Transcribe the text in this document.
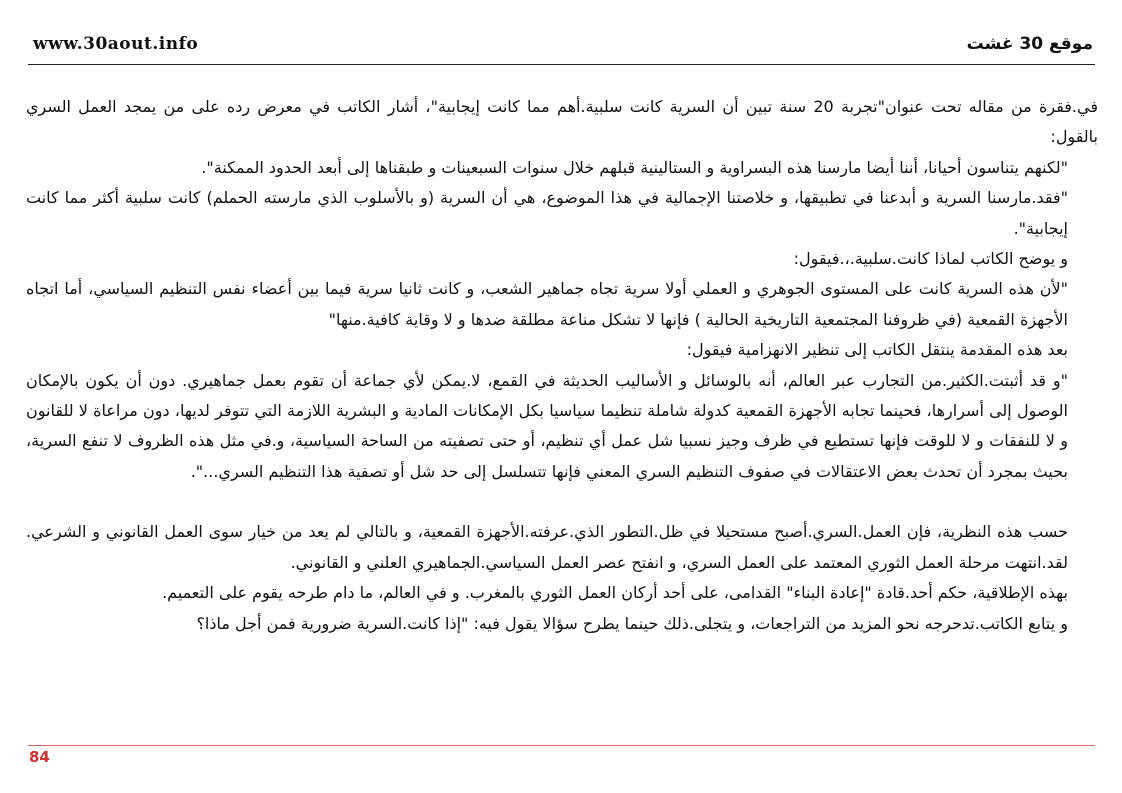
www.30aout.info	موقع 30 غشت

في.فقرة من مقاله تحت عنوان"تجربة 20 سنة تبين أن السرية كانت سلبية.أهم مما كانت إيجابية"، أشار الكاتب في معرض رده على من يمجد العمل السري بالقول:

"لكنهم يتناسون أحيانا، أننا أيضا مارسنا هذه البسراوية و الستالينية قبلهم خلال سنوات السبعينات و طبقناها إلى أبعد الحدود الممكنة".

"فقد.مارسنا السرية و أبدعنا في تطبيقها، و خلاصتنا الإجمالية في هذا الموضوع، هي أن السرية (و بالأسلوب الذي مارسته الحملم) كانت سلبية أكثر مما كانت إيجابية".

و يوضح الكاتب لماذا كانت.سلبية.،.فيقول:

"لأن هذه السرية كانت على المستوى الجوهري و العملي أولا سرية تجاه جماهير الشعب، و كانت ثانيا سرية فيما بين أعضاء نفس التنظيم السياسي، أما اتجاه الأجهزة القمعية (في ظروفنا المجتمعية التاريخية الحالية ) فإنها لا تشكل مناعة مطلقة ضدها و لا وقاية كافية.منها"

بعد هذه المقدمة ينتقل الكاتب إلى تنظير الانهزامية فيقول:

"و قد أثبتت.الكثير.من التجارب عبر العالم، أنه بالوسائل و الأساليب الحديثة في القمع، لا.يمكن لأي جماعة أن تقوم بعمل جماهيري. دون أن يكون بالإمكان الوصول إلى أسرارها، فحينما تجابه الأجهزة القمعية كدولة شاملة تنظيما سياسيا بكل الإمكانات المادية و البشرية اللازمة التي تتوفر لديها، دون مراعاة لا للقانون و لا للنفقات و لا للوقت فإنها تستطيع في ظرف وجيز نسبيا شل عمل أي تنظيم، أو حتى تصفيته من الساحة السياسية، و.في مثل هذه الظروف لا تنفع السرية، بحيث بمجرد أن تحدث بعض الاعتقالات في صفوف التنظيم السري المعني فإنها تتسلسل إلى حد شل أو تصفية هذا التنظيم السري...".

حسب هذه النظرية، فإن العمل.السري.أصبح مستحيلا في ظل.التطور الذي.عرفته.الأجهزة القمعية، و بالتالي لم يعد من خيار سوى العمل القانوني و الشرعي. لقد.انتهت مرحلة العمل الثوري المعتمد على العمل السري، و انفتح عصر العمل السياسي.الجماهيري العلني و القانوني.

بهذه الإطلاقية، حكم أحد.قادة "إعادة البناء" القدامى، على أحد أركان العمل الثوري بالمغرب. و في العالم، ما دام طرحه يقوم على التعميم.

و يتابع الكاتب.تدحرجه نحو المزيد من التراجعات، و يتجلى.ذلك حينما يطرح سؤالا يقول فيه: "إذا كانت.السرية ضرورية فمن أجل ماذا؟

84
